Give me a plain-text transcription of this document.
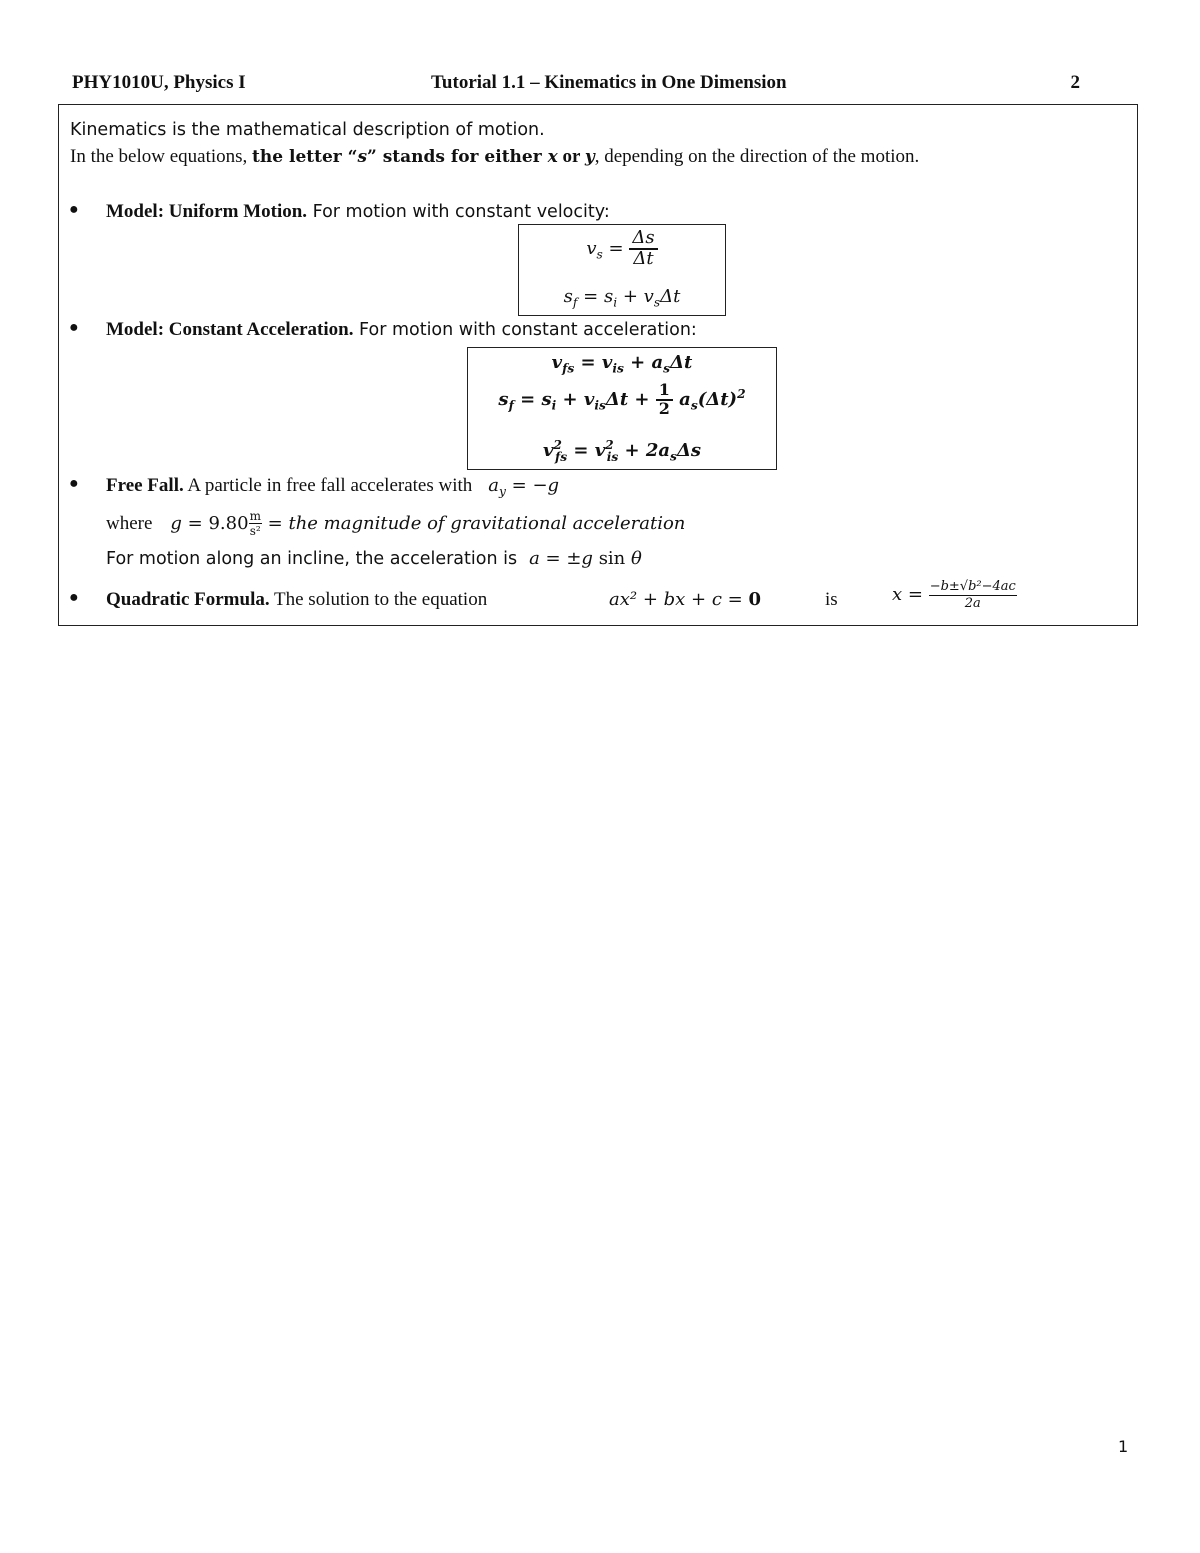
PHY1010U, Physics I	Tutorial 1.1 – Kinematics in One Dimension	2
Kinematics is the mathematical description of motion.
In the below equations, the letter “s” stands for either x or y, depending on the direction of the motion.
● Model: Uniform Motion. For motion with constant velocity:
$v_s = \frac{\Delta s}{\Delta t}$
$s_f = s_i + v_s\Delta t$
● Model: Constant Acceleration. For motion with constant acceleration:
$v_{fs} = v_{is} + a_s\Delta t$
$s_f = s_i + v_{is}\Delta t + \frac{1}{2} a_s(\Delta t)^2$
$v^2_{fs} = v^2_{is} + 2a_s\Delta s$
● Free Fall. A particle in free fall accelerates with $a_y = -g$
where $g = 9.80 \frac{m}{\text{s²}}$ = the magnitude of gravitational acceleration
For motion along an incline, the acceleration is a = ±g sin θ
● Quadratic Formula. The solution to the equation	ax² + bx + c = 0	is	$x = \frac{\text{−b±√b²−4ac}}{2a}$
1
